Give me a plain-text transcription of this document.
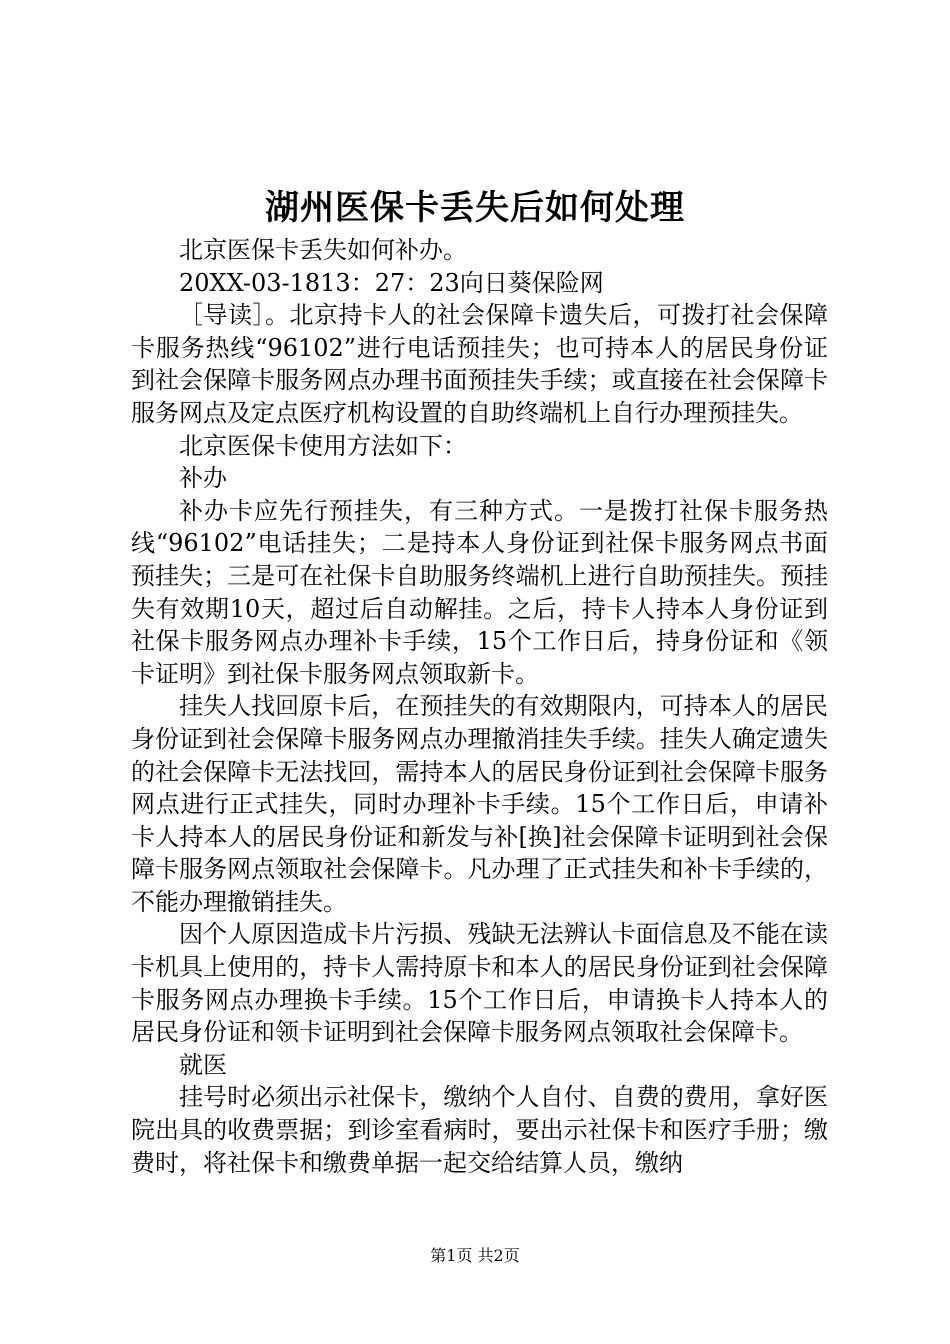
湖州医保卡丢失后如何处理

北京医保卡丢失如何补办。

20XX-03-1813：27：23向日葵保险网

［导读］。北京持卡人的社会保障卡遗失后，可拨打社会保障卡服务热线“96102”进行电话预挂失；也可持本人的居民身份证到社会保障卡服务网点办理书面预挂失手续；或直接在社会保障卡服务网点及定点医疗机构设置的自助终端机上自行办理预挂失。

北京医保卡使用方法如下：

补办

补办卡应先行预挂失，有三种方式。一是拨打社保卡服务热线“96102”电话挂失；二是持本人身份证到社保卡服务网点书面预挂失；三是可在社保卡自助服务终端机上进行自助预挂失。预挂失有效期10天，超过后自动解挂。之后，持卡人持本人身份证到社保卡服务网点办理补卡手续，15个工作日后，持身份证和《领卡证明》到社保卡服务网点领取新卡。

挂失人找回原卡后，在预挂失的有效期限内，可持本人的居民身份证到社会保障卡服务网点办理撤消挂失手续。挂失人确定遗失的社会保障卡无法找回，需持本人的居民身份证到社会保障卡服务网点进行正式挂失，同时办理补卡手续。15个工作日后，申请补卡人持本人的居民身份证和新发与补[换]社会保障卡证明到社会保障卡服务网点领取社会保障卡。凡办理了正式挂失和补卡手续的，不能办理撤销挂失。

因个人原因造成卡片污损、残缺无法辨认卡面信息及不能在读卡机具上使用的，持卡人需持原卡和本人的居民身份证到社会保障卡服务网点办理换卡手续。15个工作日后，申请换卡人持本人的居民身份证和领卡证明到社会保障卡服务网点领取社会保障卡。

就医

挂号时必须出示社保卡，缴纳个人自付、自费的费用，拿好医院出具的收费票据；到诊室看病时，要出示社保卡和医疗手册；缴费时，将社保卡和缴费单据一起交给结算人员，缴纳

第1页 共2页
